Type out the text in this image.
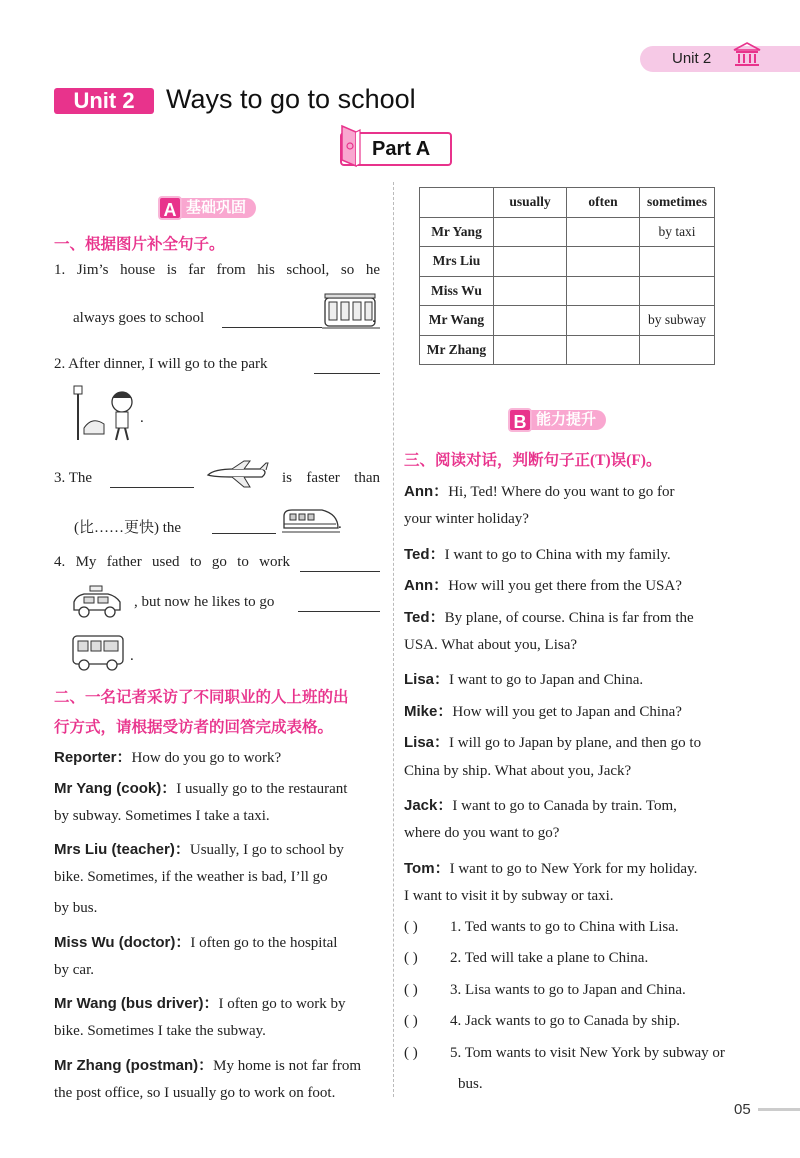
Unit 2
Unit 2	Ways to go to school
Part A
基础巩固
A
一、根据图片补全句子。
1. Jim’s house is far from his school, so he
always goes to school	.
2. After dinner, I will go to the park
.
3. The	is faster than
(比……更快) the	.
4. My father used to go to work
, but now he likes to go
.
二、一名记者采访了不同职业的人上班的出
行方式，请根据受访者的回答完成表格。
Reporter：How do you go to work?
Mr Yang (cook)：I usually go to the restaurant
by subway. Sometimes I take a taxi.
Mrs Liu (teacher)：Usually, I go to school by
bike. Sometimes, if the weather is bad, I’ll go
by bus.
Miss Wu (doctor)：I often go to the hospital
by car.
Mr Wang (bus driver)：I often go to work by
bike. Sometimes I take the subway.
Mr Zhang (postman)：My home is not far from
the post office, so I usually go to work on foot.
	usually	often	sometimes
Mr Yang			by taxi
Mrs Liu			
Miss Wu			
Mr Wang			by subway
Mr Zhang			
能力提升
B
三、阅读对话，判断句子正(T)误(F)。
Ann：Hi, Ted! Where do you want to go for
your winter holiday?
Ted：I want to go to China with my family.
Ann：How will you get there from the USA?
Ted：By plane, of course. China is far from the
USA. What about you, Lisa?
Lisa：I want to go to Japan and China.
Mike：How will you get to Japan and China?
Lisa：I will go to Japan by plane, and then go to
China by ship. What about you, Jack?
Jack：I want to go to Canada by train. Tom,
where do you want to go?
Tom：I want to go to New York for my holiday.
I want to visit it by subway or taxi.
( ) 1. Ted wants to go to China with Lisa.
( ) 2. Ted will take a plane to China.
( ) 3. Lisa wants to go to Japan and China.
( ) 4. Jack wants to go to Canada by ship.
( ) 5. Tom wants to visit New York by subway or
bus.
05
